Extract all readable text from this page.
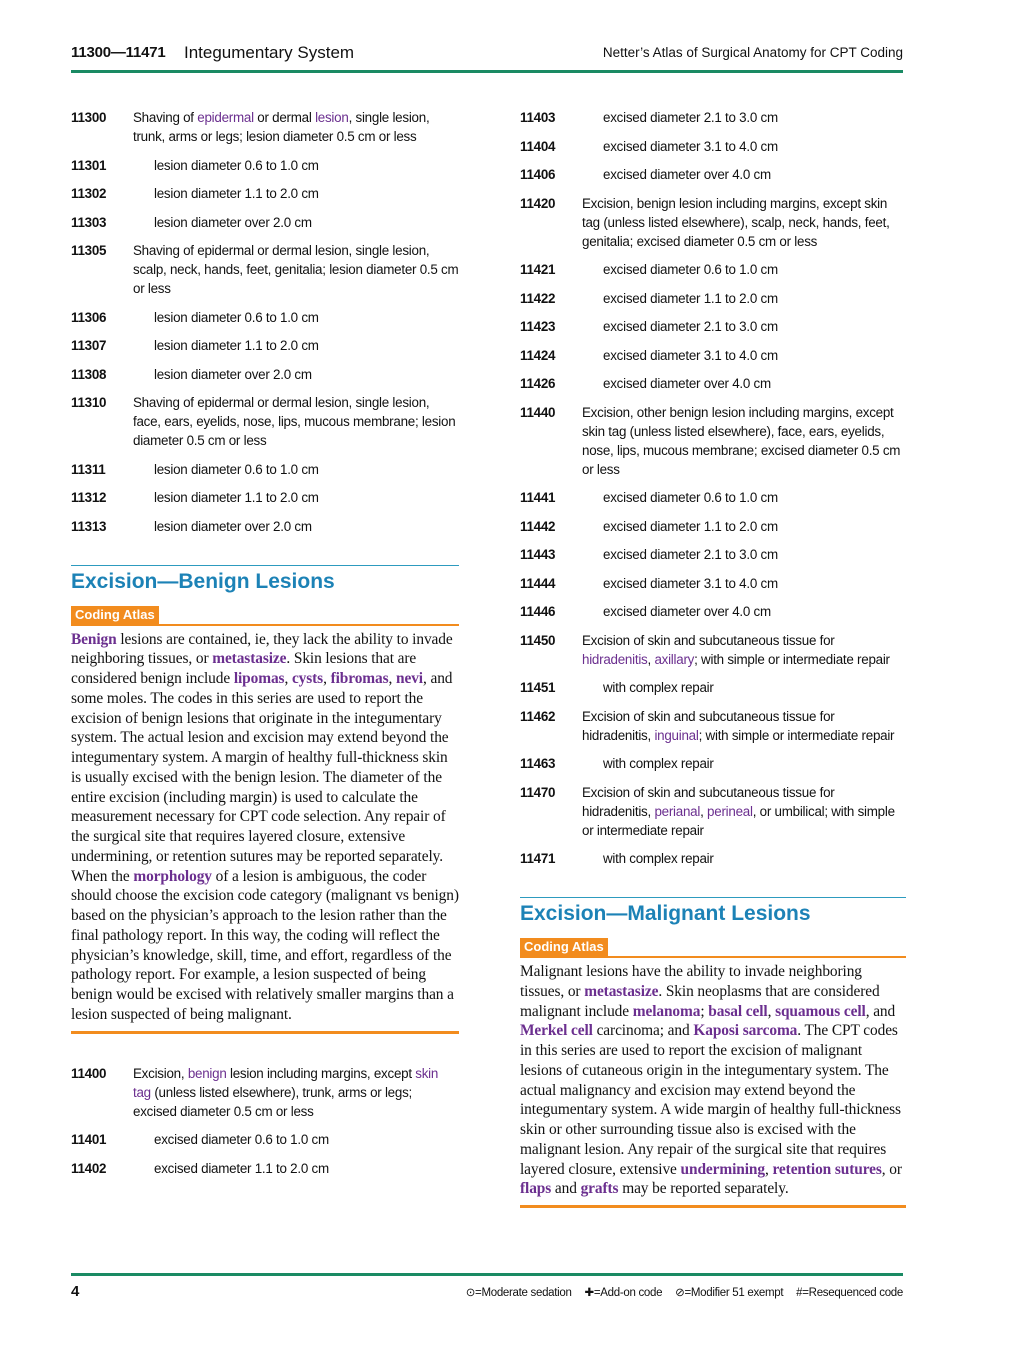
11300—11471 Integumentary System	Netter’s Atlas of Surgical Anatomy for CPT Coding
11300 Shaving of epidermal or dermal lesion, single lesion, trunk, arms or legs; lesion diameter 0.5 cm or less
11301	lesion diameter 0.6 to 1.0 cm
11302	lesion diameter 1.1 to 2.0 cm
11303	lesion diameter over 2.0 cm
11305 Shaving of epidermal or dermal lesion, single lesion, scalp, neck, hands, feet, genitalia; lesion diameter 0.5 cm or less
11306	lesion diameter 0.6 to 1.0 cm
11307	lesion diameter 1.1 to 2.0 cm
11308	lesion diameter over 2.0 cm
11310 Shaving of epidermal or dermal lesion, single lesion, face, ears, eyelids, nose, lips, mucous membrane; lesion diameter 0.5 cm or less
11311	lesion diameter 0.6 to 1.0 cm
11312	lesion diameter 1.1 to 2.0 cm
11313	lesion diameter over 2.0 cm
Excision—Benign Lesions
Coding Atlas
Benign lesions are contained, ie, they lack the ability to invade neighboring tissues, or metastasize. Skin lesions that are considered benign include lipomas, cysts, fibromas, nevi, and some moles. The codes in this series are used to report the excision of benign lesions that originate in the integumentary system. The actual lesion and excision may extend beyond the integumentary system. A margin of healthy full-thickness skin is usually excised with the benign lesion. The diameter of the entire excision (including margin) is used to calculate the measurement necessary for CPT code selection. Any repair of the surgical site that requires layered closure, extensive undermining, or retention sutures may be reported separately. When the morphology of a lesion is ambiguous, the coder should choose the excision code category (malignant vs benign) based on the physician’s approach to the lesion rather than the final pathology report. In this way, the coding will reflect the physician’s knowledge, skill, time, and effort, regardless of the pathology report. For example, a lesion suspected of being benign would be excised with relatively smaller margins than a lesion suspected of being malignant.
11400 Excision, benign lesion including margins, except skin tag (unless listed elsewhere), trunk, arms or legs; excised diameter 0.5 cm or less
11401	excised diameter 0.6 to 1.0 cm
11402	excised diameter 1.1 to 2.0 cm
11403	excised diameter 2.1 to 3.0 cm
11404	excised diameter 3.1 to 4.0 cm
11406	excised diameter over 4.0 cm
11420 Excision, benign lesion including margins, except skin tag (unless listed elsewhere), scalp, neck, hands, feet, genitalia; excised diameter 0.5 cm or less
11421	excised diameter 0.6 to 1.0 cm
11422	excised diameter 1.1 to 2.0 cm
11423	excised diameter 2.1 to 3.0 cm
11424	excised diameter 3.1 to 4.0 cm
11426	excised diameter over 4.0 cm
11440 Excision, other benign lesion including margins, except skin tag (unless listed elsewhere), face, ears, eyelids, nose, lips, mucous membrane; excised diameter 0.5 cm or less
11441	excised diameter 0.6 to 1.0 cm
11442	excised diameter 1.1 to 2.0 cm
11443	excised diameter 2.1 to 3.0 cm
11444	excised diameter 3.1 to 4.0 cm
11446	excised diameter over 4.0 cm
11450 Excision of skin and subcutaneous tissue for hidradenitis, axillary; with simple or intermediate repair
11451	with complex repair
11462 Excision of skin and subcutaneous tissue for hidradenitis, inguinal; with simple or intermediate repair
11463	with complex repair
11470 Excision of skin and subcutaneous tissue for hidradenitis, perianal, perineal, or umbilical; with simple or intermediate repair
11471	with complex repair
Excision—Malignant Lesions
Coding Atlas
Malignant lesions have the ability to invade neighboring tissues, or metastasize. Skin neoplasms that are considered malignant include melanoma; basal cell, squamous cell, and Merkel cell carcinoma; and Kaposi sarcoma. The CPT codes in this series are used to report the excision of malignant lesions of cutaneous origin in the integumentary system. The actual malignancy and excision may extend beyond the integumentary system. A wide margin of healthy full-thickness skin or other surrounding tissue also is excised with the malignant lesion. Any repair of the surgical site that requires layered closure, extensive undermining, retention sutures, or flaps and grafts may be reported separately.
4	⊙=Moderate sedation ✚=Add-on code ⊘=Modifier 51 exempt #=Resequenced code
